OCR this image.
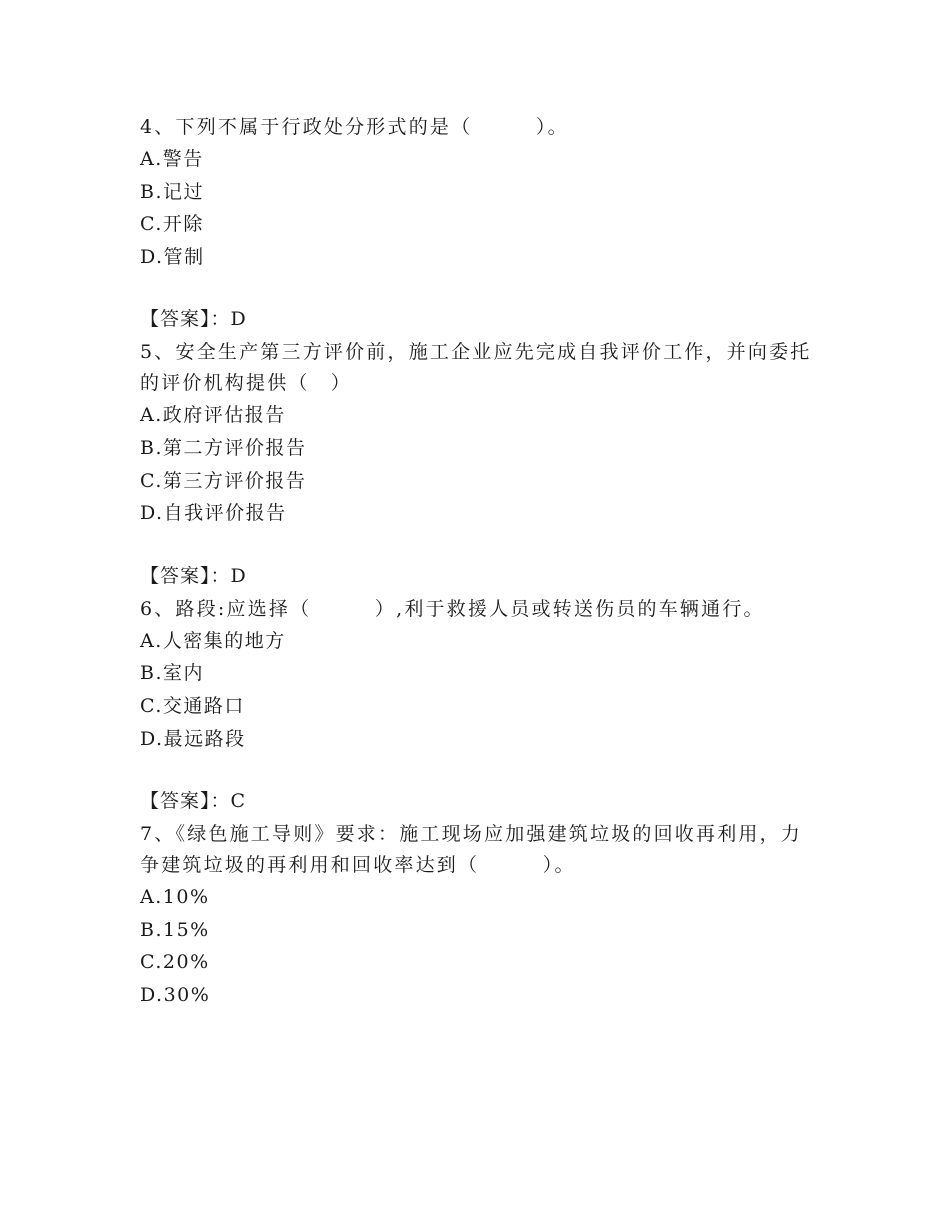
4、下列不属于行政处分形式的是（　　　）。

A.警告

B.记过

C.开除

D.管制

【答案】：D

5、安全生产第三方评价前，施工企业应先完成自我评价工作，并向委托的评价机构提供（　）

A.政府评估报告

B.第二方评价报告

C.第三方评价报告

D.自我评价报告

【答案】：D

6、路段:应选择（　　　）,利于救援人员或转送伤员的车辆通行。

A.人密集的地方

B.室内

C.交通路口

D.最远路段

【答案】：C

7、《绿色施工导则》要求：施工现场应加强建筑垃圾的回收再利用，力争建筑垃圾的再利用和回收率达到（　　　）。

A.10%

B.15%

C.20%

D.30%
